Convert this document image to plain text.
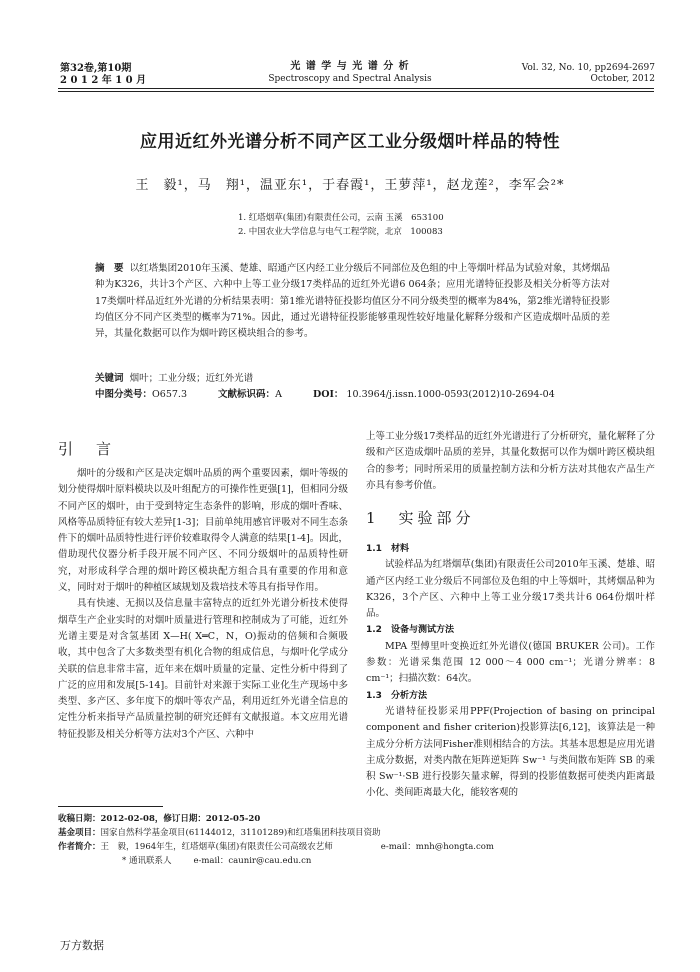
第32卷,第10期
2 0 1 2 年 1 0 月
光 谱 学 与 光 谱 分 析
Spectroscopy and Spectral Analysis
Vol. 32, No. 10, pp2694-2697
October, 2012
应用近红外光谱分析不同产区工业分级烟叶样品的特性
王　毅¹，马　翔¹，温亚东¹，于春霞¹，王萝萍¹，赵龙莲²，李军会²*
1. 红塔烟草(集团)有限责任公司，云南 玉溪　653100
2. 中国农业大学信息与电气工程学院，北京　100083
摘　要 以红塔集团2010年玉溪、楚雄、昭通产区内经工业分级后不同部位及色组的中上等烟叶样品为试验对象，其烤烟品种为K326，共计3个产区、六种中上等工业分级17类样品的近红外光谱6 064条；应用光谱特征投影及相关分析等方法对17类烟叶样品近红外光谱的分析结果表明：第1维光谱特征投影均值区分不同分级类型的概率为84%，第2维光谱特征投影均值区分不同产区类型的概率为71%。因此，通过光谱特征投影能够重现性较好地量化解释分级和产区造成烟叶品质的差异，其量化数据可以作为烟叶跨区模块组合的参考。
关键词 烟叶；工业分级；近红外光谱
中图分类号：O657.3	文献标识码：A	DOI： 10.3964/j.issn.1000-0593(2012)10-2694-04
引　言

烟叶的分级和产区是决定烟叶品质的两个重要因素，烟叶等级的划分使得烟叶原料模块以及叶组配方的可操作性更强[1]，但相同分级不同产区的烟叶，由于受到特定生态条件的影响，形成的烟叶香味、风格等品质特征有较大差异[1-3]；目前单纯用感官评吸对不同生态条件下的烟叶品质特性进行评价较难取得令人满意的结果[1-4]。因此，借助现代仪器分析手段开展不同产区、不同分级烟叶的品质特性研究，对形成科学合理的烟叶跨区模块配方组合具有重要的作用和意义，同时对于烟叶的种植区域规划及栽培技术等具有指导作用。

具有快速、无损以及信息量丰富特点的近红外光谱分析技术使得烟草生产企业实时的对烟叶质量进行管理和控制成为了可能，近红外光谱主要是对含氢基团 X—H( X═C，N，O)振动的倍频和合频吸收，其中包含了大多数类型有机化合物的组成信息，与烟叶化学成分关联的信息非常丰富，近年来在烟叶质量的定量、定性分析中得到了广泛的应用和发展[5-14]。目前针对来源于实际工业化生产现场中多类型、多产区、多年度下的烟叶等农产品，利用近红外光谱全信息的定性分析来指导产品质量控制的研究还鲜有文献报道。本文应用光谱特征投影及相关分析等方法对3个产区、六种中

上等工业分级17类样品的近红外光谱进行了分析研究，量化解释了分级和产区造成烟叶品质的差异，其量化数据可以作为烟叶跨区模块组合的参考；同时所采用的质量控制方法和分析方法对其他农产品生产亦具有参考价值。

1　实验部分
1.1　材料

试验样品为红塔烟草(集团)有限责任公司2010年玉溪、楚雄、昭通产区内经工业分级后不同部位及色组的中上等烟叶，其烤烟品种为K326，3个产区、六种中上等工业分级17类共计6 064份烟叶样品。

1.2　设备与测试方法

MPA 型傅里叶变换近红外光谱仪(德国 BRUKER 公司)。工作参数：光谱采集范围 12 000～4 000 cm⁻¹；光谱分辨率：8 cm⁻¹；扫描次数：64次。

1.3　分析方法

光谱特征投影采用PPF(Projection of basing on principal component and fisher criterion)投影算法[6,12]，该算法是一种主成分分析方法同Fisher准则相结合的方法。其基本思想是应用光谱主成分数据，对类内散在矩阵逆矩阵 Sw⁻¹ 与类间散布矩阵 SB 的乘积 Sw⁻¹·SB 进行投影矢量求解，得到的投影值数据可使类内距离最小化、类间距离最大化，能较客观的

收稿日期：2012-02-08，修订日期：2012-05-20
基金项目：国家自然科学基金项目(61144012，31101289)和红塔集团科技项目资助
作者简介：王　毅，1964年生，红塔烟草(集团)有限责任公司高级农艺师	e-mail：mnh@hongta.com
* 通讯联系人	e-mail：caunir@cau.edu.cn
万方数据
